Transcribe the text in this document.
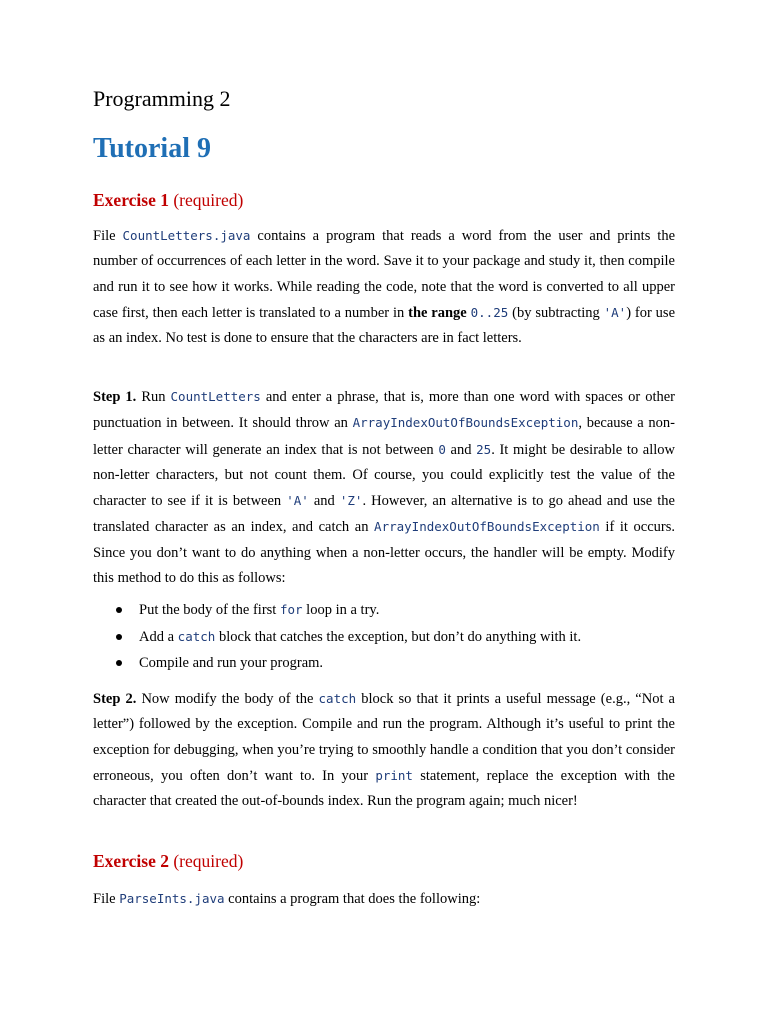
Programming 2
Tutorial 9
Exercise 1 (required)

File CountLetters.java contains a program that reads a word from the user and prints the number of occurrences of each letter in the word. Save it to your package and study it, then compile and run it to see how it works. While reading the code, note that the word is converted to all upper case first, then each letter is translated to a number in the range 0..25 (by subtracting 'A') for use as an index. No test is done to ensure that the characters are in fact letters.

Step 1. Run CountLetters and enter a phrase, that is, more than one word with spaces or other punctuation in between. It should throw an ArrayIndexOutOfBoundsException, because a non-letter character will generate an index that is not between 0 and 25. It might be desirable to allow non-letter characters, but not count them. Of course, you could explicitly test the value of the character to see if it is between 'A' and 'Z'. However, an alternative is to go ahead and use the translated character as an index, and catch an ArrayIndexOutOfBoundsException if it occurs. Since you don’t want to do anything when a non-letter occurs, the handler will be empty. Modify this method to do this as follows:

Put the body of the first for loop in a try.
Add a catch block that catches the exception, but don’t do anything with it.
Compile and run your program.

Step 2. Now modify the body of the catch block so that it prints a useful message (e.g., “Not a letter”) followed by the exception. Compile and run the program. Although it’s useful to print the exception for debugging, when you’re trying to smoothly handle a condition that you don’t consider erroneous, you often don’t want to. In your print statement, replace the exception with the character that created the out-of-bounds index. Run the program again; much nicer!

Exercise 2 (required)

File ParseInts.java contains a program that does the following:
